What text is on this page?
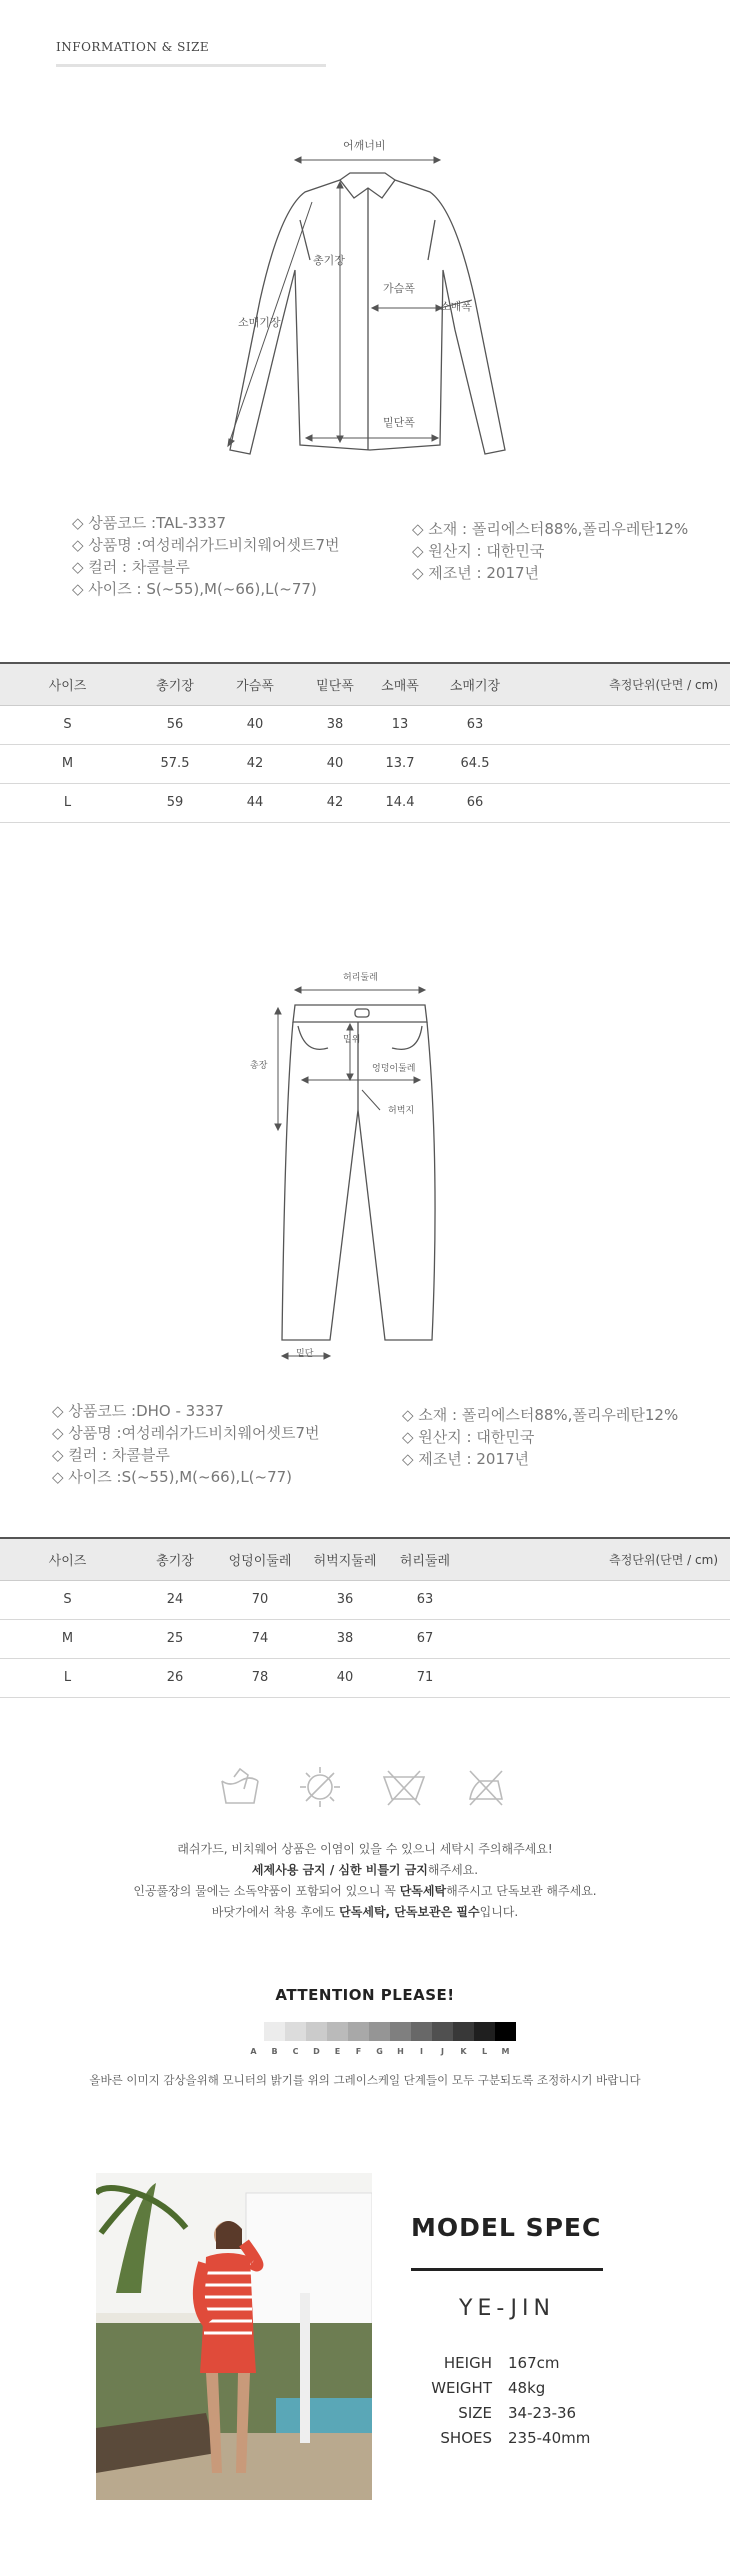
INFORMATION & SIZE
어깨너비
총기장
가슴폭
소매폭
소매기장
밑단폭
◇ 상품코드 :TAL-3337
◇ 상품명 :여성레쉬가드비치웨어셋트7번
◇ 컬러 : 차콜블루
◇ 사이즈 : S(~55),M(~66),L(~77)
◇ 소재 : 폴리에스터88%,폴리우레탄12%
◇ 원산지 : 대한민국
◇ 제조년 : 2017년
사이즈	총기장	가슴폭	밑단폭	소매폭	소매기장	측정단위(단면 / cm)
S	56	40	38	13	63	
M	57.5	42	40	13.7	64.5	
L	59	44	42	14.4	66	
허리둘레
밑위
엉덩이둘레
총장
허벅지
밑단
◇ 상품코드 :DHO - 3337
◇ 상품명 :여성레쉬가드비치웨어셋트7번
◇ 컬러 : 차콜블루
◇ 사이즈 :S(~55),M(~66),L(~77)
◇ 소재 : 폴리에스터88%,폴리우레탄12%
◇ 원산지 : 대한민국
◇ 제조년 : 2017년
사이즈	총기장	엉덩이둘레	허벅지둘레	허리둘레	측정단위(단면 / cm)
S	24	70	36	63	
M	25	74	38	67	
L	26	78	40	71	
래쉬가드, 비치웨어 상품은 이염이 있을 수 있으니 세탁시 주의해주세요!
세제사용 금지 / 심한 비틀기 금지해주세요.
인공풀장의 물에는 소독약품이 포함되어 있으니 꼭 단독세탁해주시고 단독보관 해주세요.
바닷가에서 착용 후에도 단독세탁, 단독보관은 필수입니다.
ATTENTION PLEASE!
A	B	C	D	E	F	G	H	I	J	K	L	M
올바른 이미지 감상을위해 모니터의 밝기를 위의 그레이스케일 단계들이 모두 구분되도록 조정하시기 바랍니다
MODEL SPEC
YE-JIN
HEIGH 167cm
WEIGHT 48kg
SIZE 34-23-36
SHOES 235-40mm
